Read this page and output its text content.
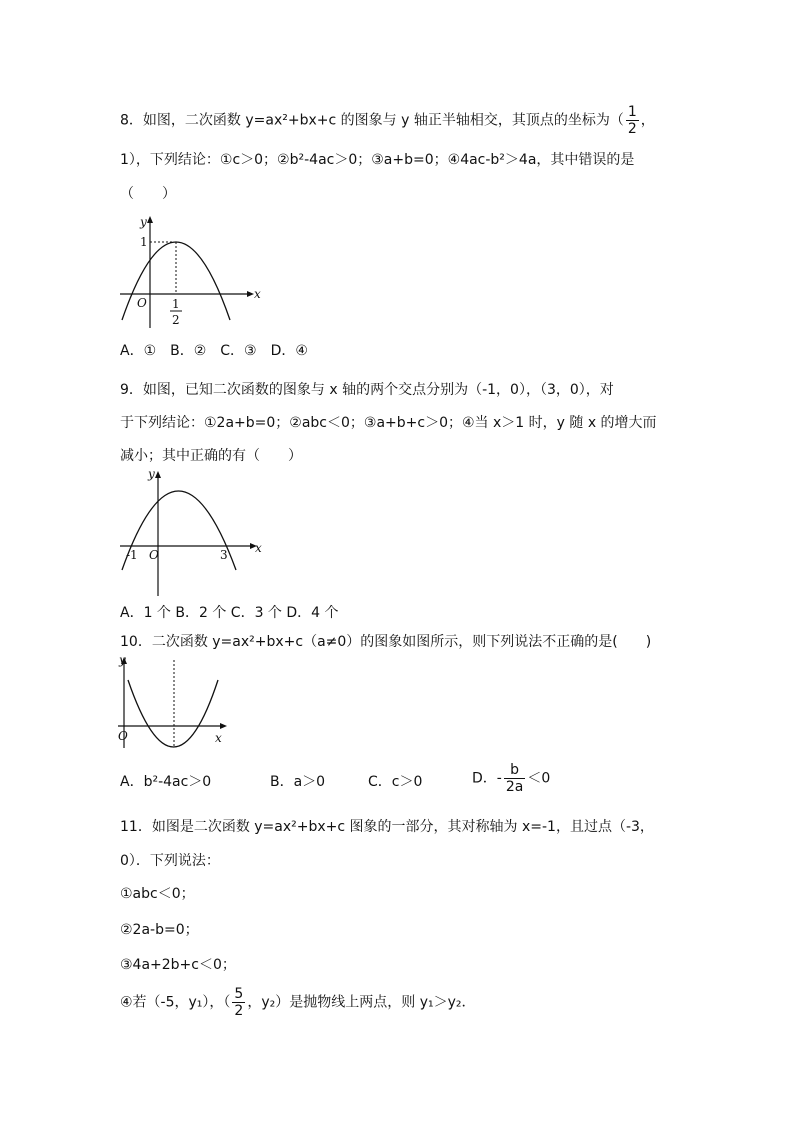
8．如图，二次函数 y=ax²+bx+c 的图象与 y 轴正半轴相交，其顶点的坐标为（ $\frac{1}{2}$ ，
1），下列结论：①c＞0；②b²-4ac＞0；③a+b=0；④4ac-b²＞4a，其中错误的是
（　　）
y
x
O
1
1
2
A．①　B．②　C．③　D．④
9．如图，已知二次函数的图象与 x 轴的两个交点分别为（-1，0），（3，0），对
于下列结论：①2a+b=0；②abc＜0；③a+b+c＞0；④当 x＞1 时，y 随 x 的增大而
减小；其中正确的有（　　）
y
x
-1 O	3
A．1 个 B．2 个 C．3 个 D．4 个
10．二次函数 y=ax²+bx+c（a≠0）的图象如图所示，则下列说法不正确的是(　　)
y
x
O
A．b²-4ac＞0	B．a＞0	C．c＞0	D．- $\frac{b}{2a} <0$
11．如图是二次函数 y=ax²+bx+c 图象的一部分，其对称轴为 x=-1，且过点（-3，
0）．下列说法：
①abc＜0；
②2a-b=0；
③4a+2b+c＜0；
④若（-5，y₁），（ $\frac{5}{2}$ ，y₂）是抛物线上两点，则 y₁＞y₂．
